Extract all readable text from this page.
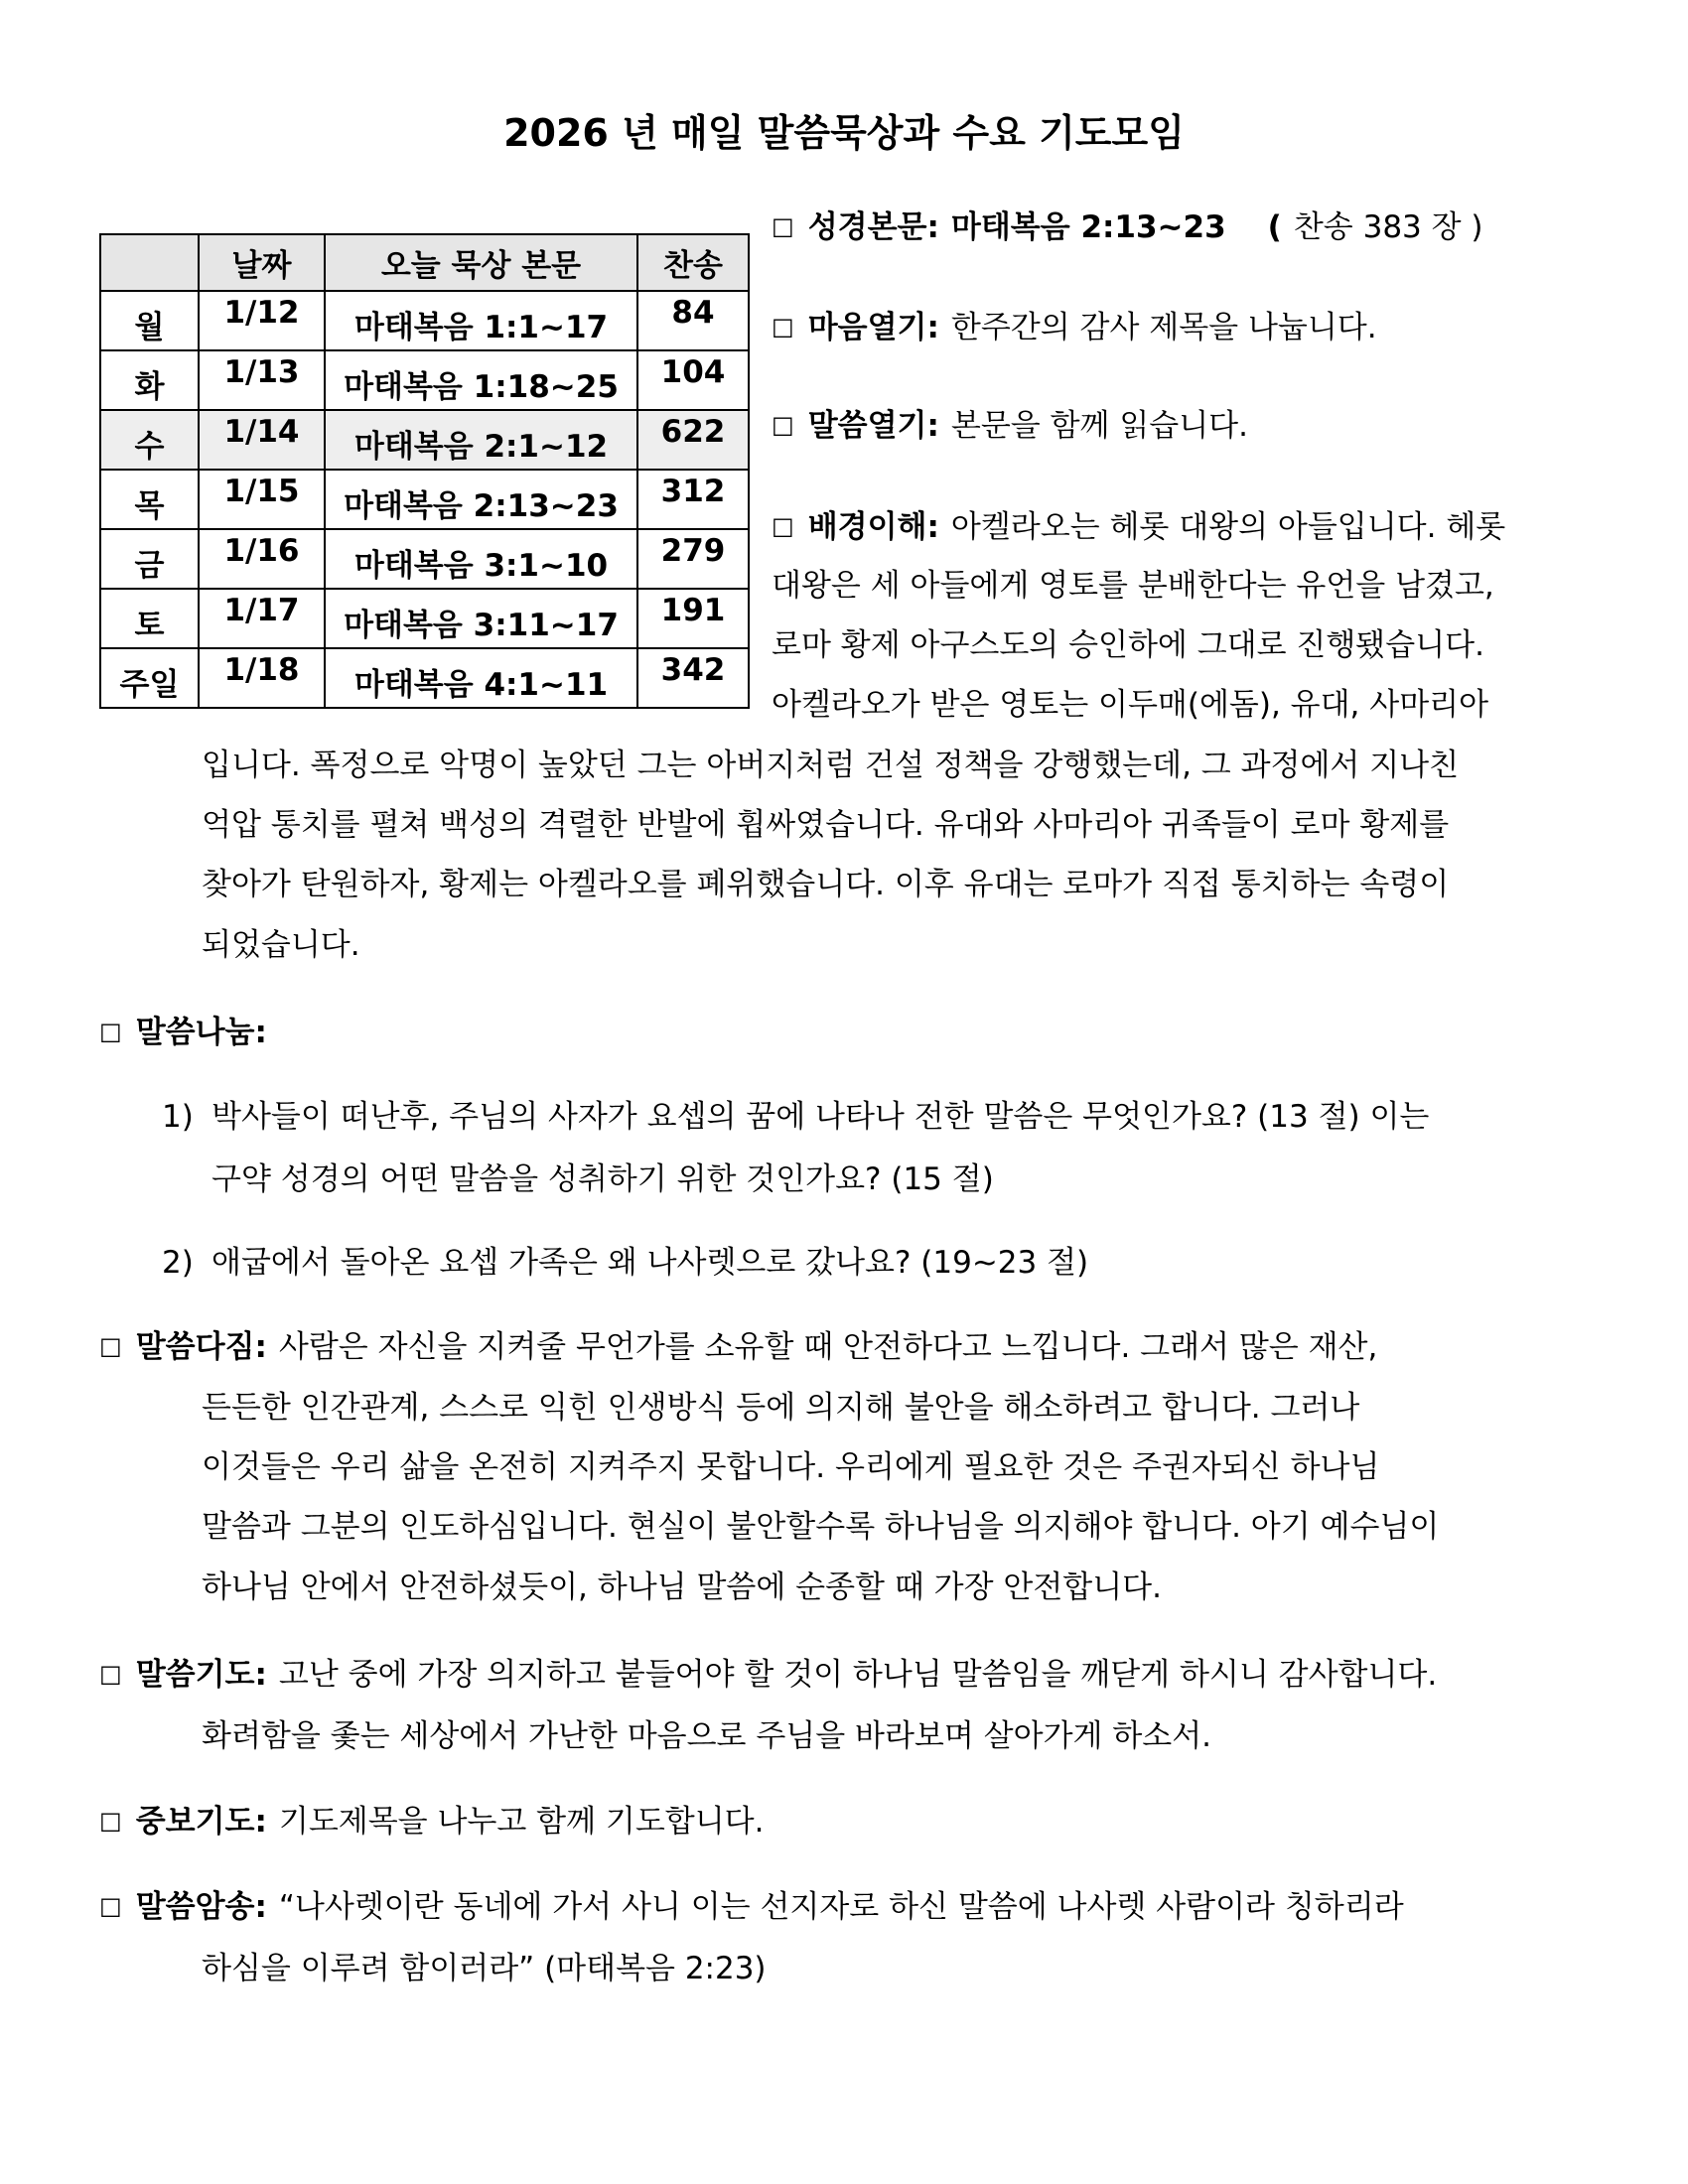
2026 년 매일 말씀묵상과 수요 기도모임
	날짜	오늘 묵상 본문	찬송
월	1/12	마태복음 1:1~17	84
화	1/13	마태복음 1:18~25	104
수	1/14	마태복음 2:1~12	622
목	1/15	마태복음 2:13~23	312
금	1/16	마태복음 3:1~10	279
토	1/17	마태복음 3:11~17	191
주일	1/18	마태복음 4:1~11	342
□ 성경본문: 마태복음 2:13~23 ( 찬송 383 장 )
□ 마음열기: 한주간의 감사 제목을 나눕니다.
□ 말씀열기: 본문을 함께 읽습니다.
□ 배경이해: 아켈라오는 헤롯 대왕의 아들입니다. 헤롯
대왕은 세 아들에게 영토를 분배한다는 유언을 남겼고,
로마 황제 아구스도의 승인하에 그대로 진행됐습니다.
아켈라오가 받은 영토는 이두매(에돔), 유대, 사마리아
입니다. 폭정으로 악명이 높았던 그는 아버지처럼 건설 정책을 강행했는데, 그 과정에서 지나친
억압 통치를 펼쳐 백성의 격렬한 반발에 휩싸였습니다. 유대와 사마리아 귀족들이 로마 황제를
찾아가 탄원하자, 황제는 아켈라오를 폐위했습니다. 이후 유대는 로마가 직접 통치하는 속령이
되었습니다.
□ 말씀나눔:
1) 박사들이 떠난후, 주님의 사자가 요셉의 꿈에 나타나 전한 말씀은 무엇인가요? (13 절) 이는
구약 성경의 어떤 말씀을 성취하기 위한 것인가요? (15 절)
2) 애굽에서 돌아온 요셉 가족은 왜 나사렛으로 갔나요? (19~23 절)
□ 말씀다짐: 사람은 자신을 지켜줄 무언가를 소유할 때 안전하다고 느낍니다. 그래서 많은 재산,
든든한 인간관계, 스스로 익힌 인생방식 등에 의지해 불안을 해소하려고 합니다. 그러나
이것들은 우리 삶을 온전히 지켜주지 못합니다. 우리에게 필요한 것은 주권자되신 하나님
말씀과 그분의 인도하심입니다. 현실이 불안할수록 하나님을 의지해야 합니다. 아기 예수님이
하나님 안에서 안전하셨듯이, 하나님 말씀에 순종할 때 가장 안전합니다.
□ 말씀기도: 고난 중에 가장 의지하고 붙들어야 할 것이 하나님 말씀임을 깨닫게 하시니 감사합니다.
화려함을 좇는 세상에서 가난한 마음으로 주님을 바라보며 살아가게 하소서.
□ 중보기도: 기도제목을 나누고 함께 기도합니다.
□ 말씀암송: “나사렛이란 동네에 가서 사니 이는 선지자로 하신 말씀에 나사렛 사람이라 칭하리라
하심을 이루려 함이러라” (마태복음 2:23)
